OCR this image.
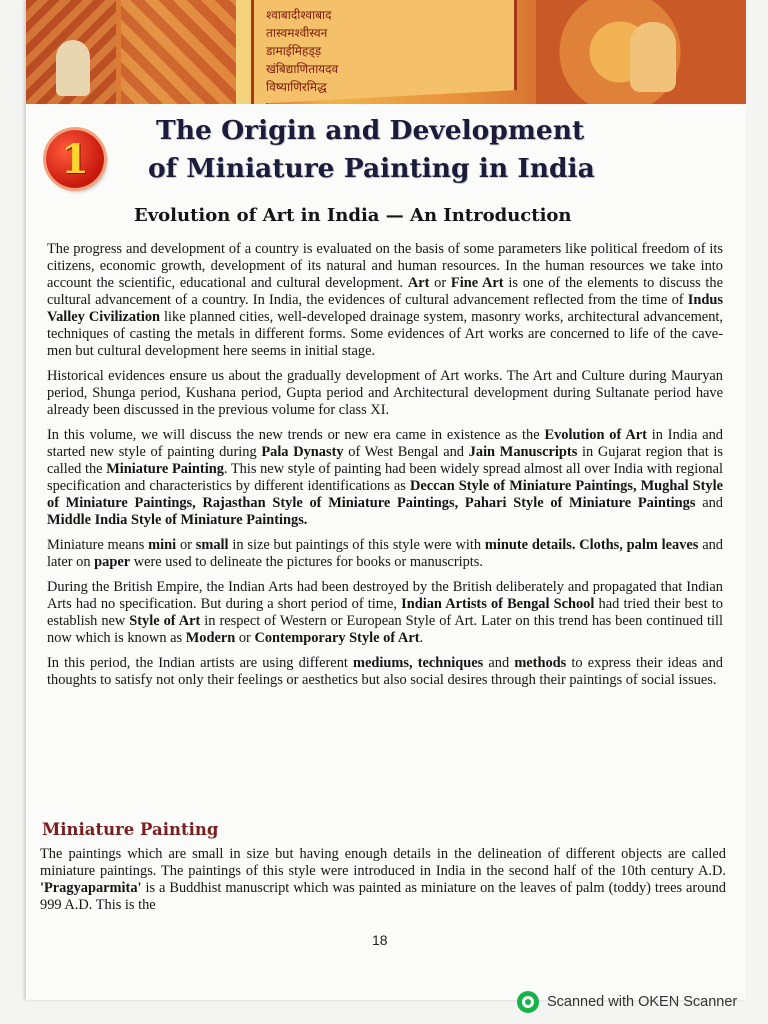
श्वाबादीश्वाबाद
तास्वमश्वीस्वन
डामाईमिहड्ड़
खंबिद्याणितायदव
विष्याणिरमिद्ध
1
The Origin and Development
of Miniature Painting in India
Evolution of Art in India — An Introduction

The progress and development of a country is evaluated on the basis of some parameters like political freedom of its citizens, economic growth, development of its natural and human resources. In the human resources we take into account the scientific, educational and cultural development. Art or Fine Art is one of the elements to discuss the cultural advancement of a country. In India, the evidences of cultural advancement reflected from the time of Indus Valley Civilization like planned cities, well-developed drainage system, masonry works, architectural advancement, techniques of casting the metals in different forms. Some evidences of Art works are concerned to life of the cave-men but cultural development here seems in initial stage.

Historical evidences ensure us about the gradually development of Art works. The Art and Culture during Mauryan period, Shunga period, Kushana period, Gupta period and Architectural development during Sultanate period have already been discussed in the previous volume for class XI.

In this volume, we will discuss the new trends or new era came in existence as the Evolution of Art in India and started new style of painting during Pala Dynasty of West Bengal and Jain Manuscripts in Gujarat region that is called the Miniature Painting. This new style of painting had been widely spread almost all over India with regional specification and characteristics by different identifications as Deccan Style of Miniature Paintings, Mughal Style of Miniature Paintings, Rajasthan Style of Miniature Paintings, Pahari Style of Miniature Paintings and Middle India Style of Miniature Paintings.

Miniature means mini or small in size but paintings of this style were with minute details. Cloths, palm leaves and later on paper were used to delineate the pictures for books or manuscripts.

During the British Empire, the Indian Arts had been destroyed by the British deliberately and propagated that Indian Arts had no specification. But during a short period of time, Indian Artists of Bengal School had tried their best to establish new Style of Art in respect of Western or European Style of Art. Later on this trend has been continued till now which is known as Modern or Contemporary Style of Art.

In this period, the Indian artists are using different mediums, techniques and methods to express their ideas and thoughts to satisfy not only their feelings or aesthetics but also social desires through their paintings of social issues.

Miniature Painting
The paintings which are small in size but having enough details in the delineation of different objects are called miniature paintings. The paintings of this style were introduced in India in the second half of the 10th century A.D. 'Pragyaparmita' is a Buddhist manuscript which was painted as miniature on the leaves of palm (toddy) trees around 999 A.D. This is the
18
Scanned with OKEN Scanner
